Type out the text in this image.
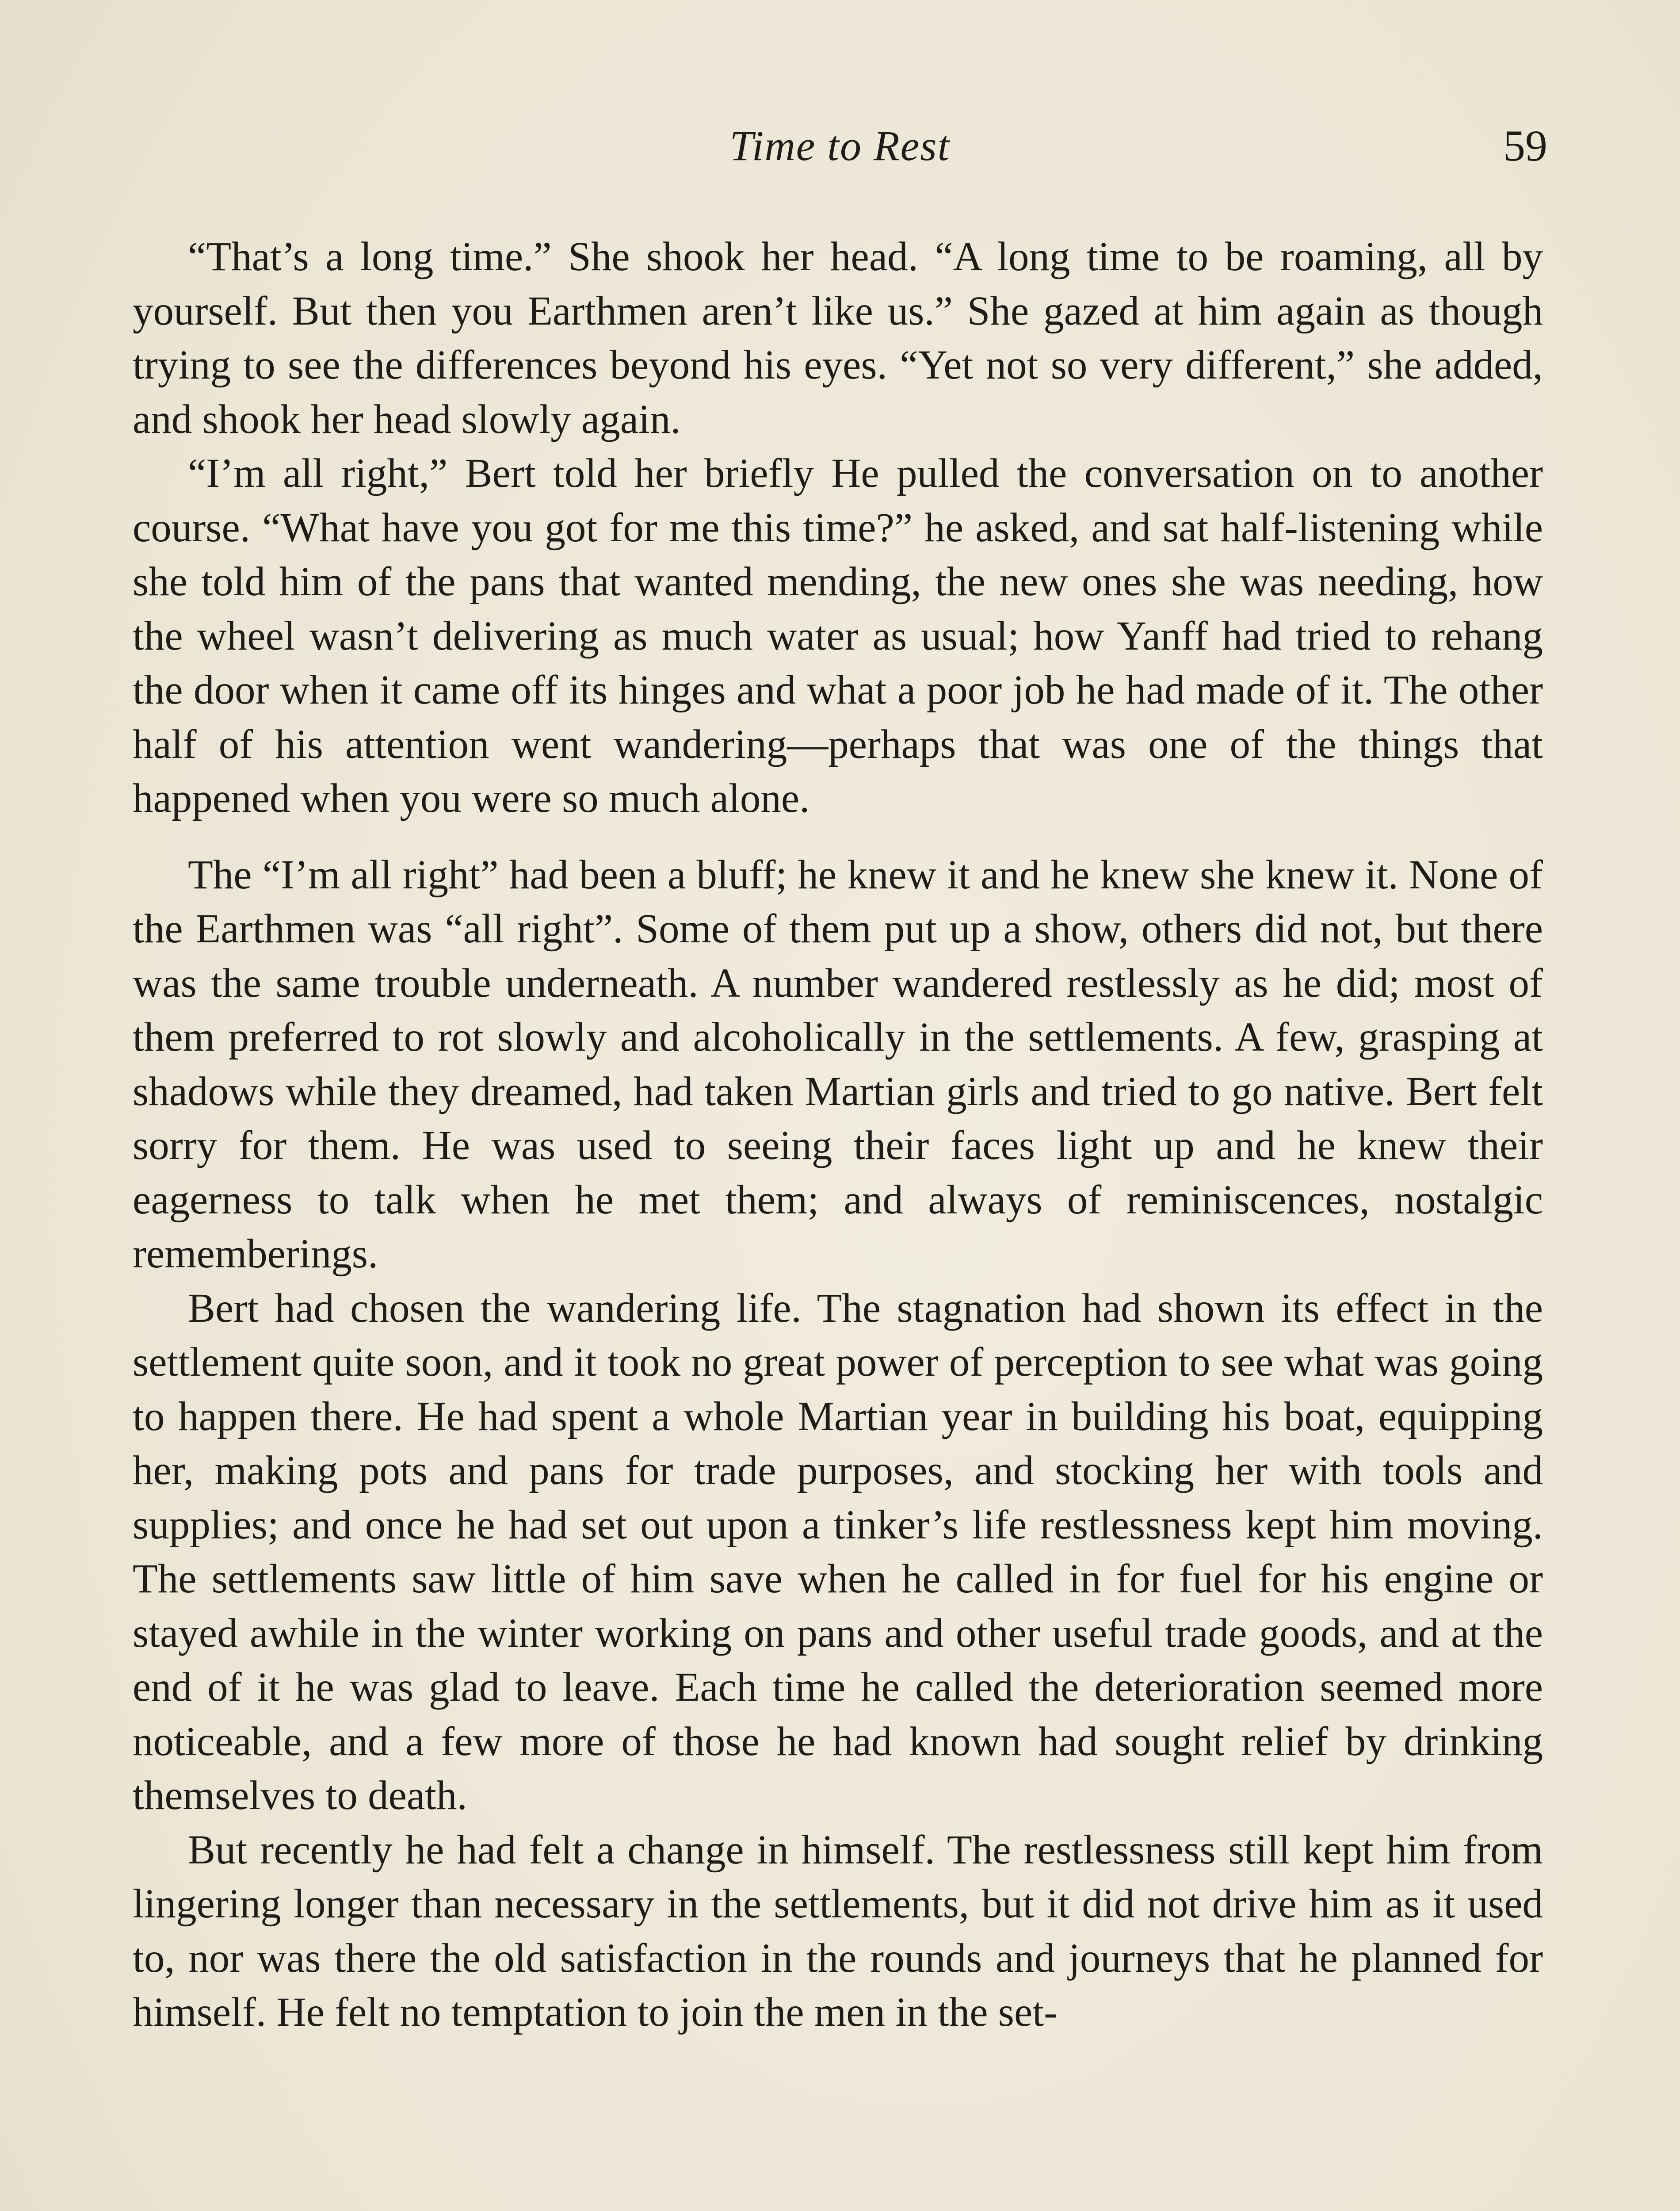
Time to Rest	59

“That’s a long time.” She shook her head. “A long time to be roaming, all by yourself. But then you Earthmen aren’t like us.” She gazed at him again as though trying to see the differences beyond his eyes. “Yet not so very different,” she added, and shook her head slowly again.

“I’m all right,” Bert told her briefly He pulled the conversation on to another course. “What have you got for me this time?” he asked, and sat half-listening while she told him of the pans that wanted mending, the new ones she was needing, how the wheel wasn’t delivering as much water as usual; how Yanff had tried to rehang the door when it came off its hinges and what a poor job he had made of it. The other half of his attention went wandering—perhaps that was one of the things that happened when you were so much alone.

The “I’m all right” had been a bluff; he knew it and he knew she knew it. None of the Earthmen was “all right”. Some of them put up a show, others did not, but there was the same trouble underneath. A number wandered restlessly as he did; most of them preferred to rot slowly and alcoholically in the settlements. A few, grasping at shadows while they dreamed, had taken Martian girls and tried to go native. Bert felt sorry for them. He was used to seeing their faces light up and he knew their eagerness to talk when he met them; and always of reminiscences, nostalgic rememberings.

Bert had chosen the wandering life. The stagnation had shown its effect in the settlement quite soon, and it took no great power of perception to see what was going to happen there. He had spent a whole Martian year in building his boat, equipping her, making pots and pans for trade purposes, and stocking her with tools and supplies; and once he had set out upon a tinker’s life restlessness kept him moving. The settlements saw little of him save when he called in for fuel for his engine or stayed awhile in the winter working on pans and other useful trade goods, and at the end of it he was glad to leave. Each time he called the deterioration seemed more noticeable, and a few more of those he had known had sought relief by drinking themselves to death.

But recently he had felt a change in himself. The restlessness still kept him from lingering longer than necessary in the settlements, but it did not drive him as it used to, nor was there the old satisfaction in the rounds and journeys that he planned for himself. He felt no temptation to join the men in the set-
